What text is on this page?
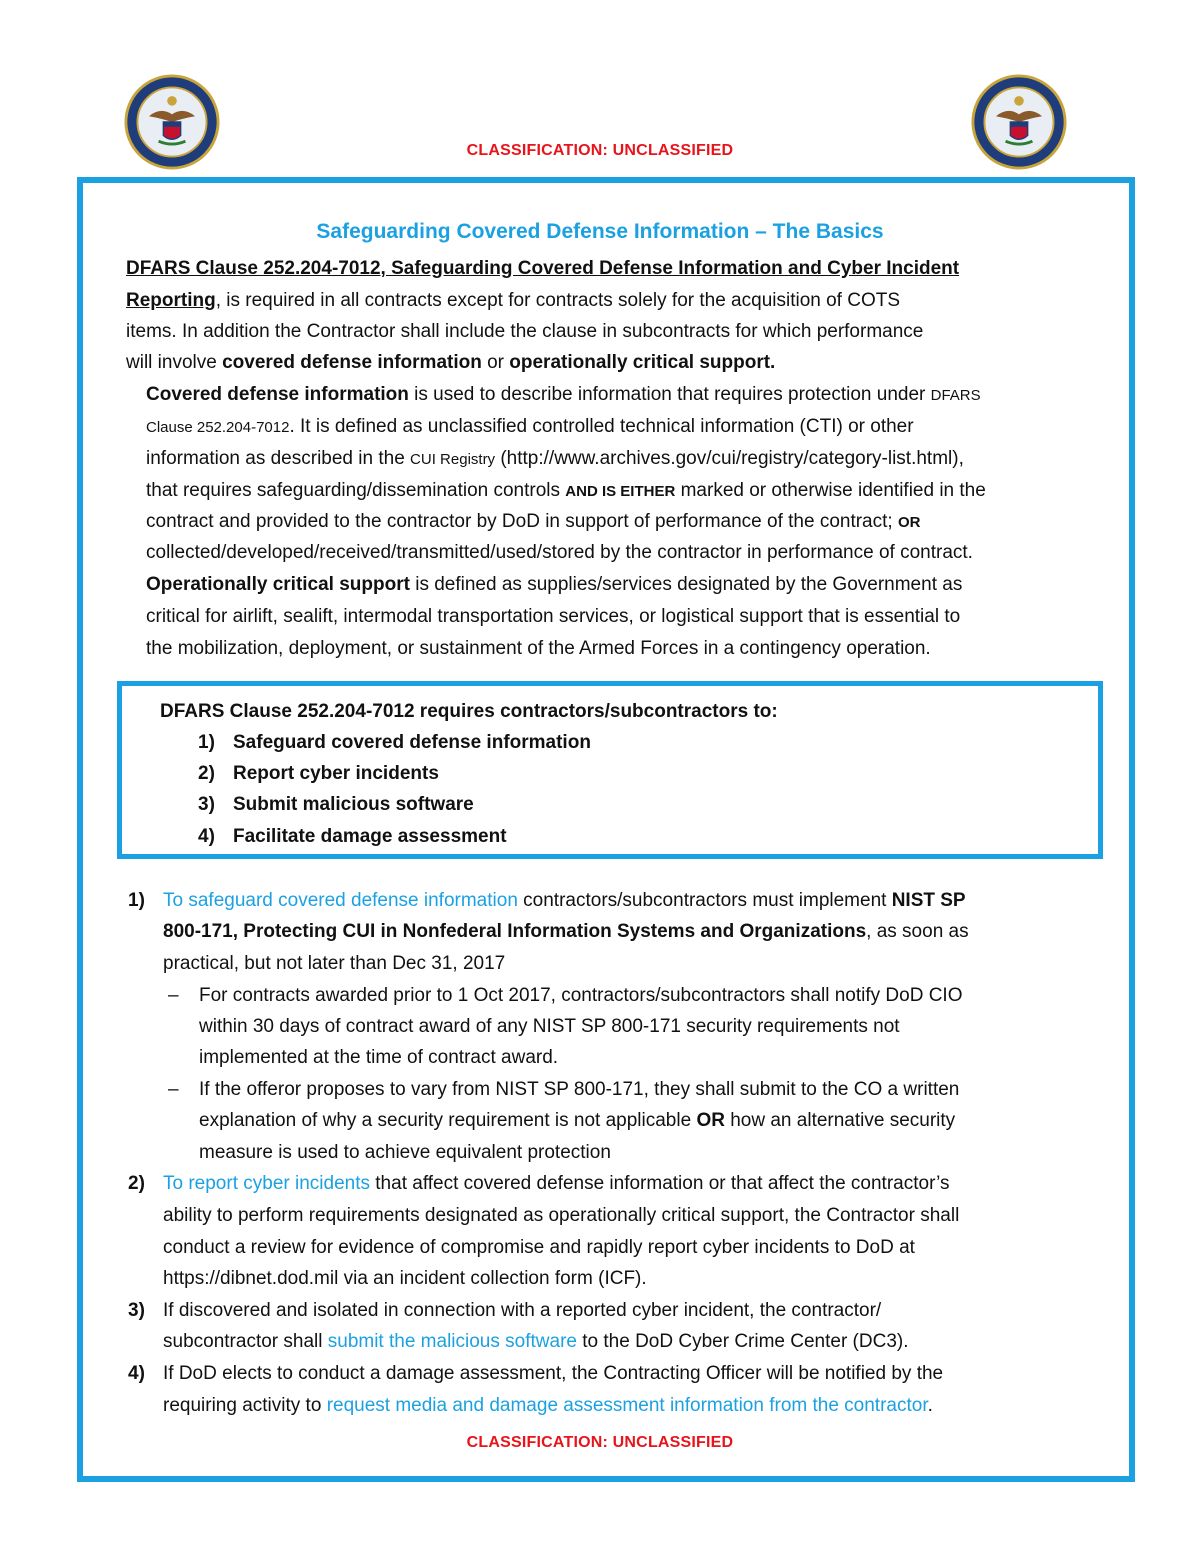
CLASSIFICATION: UNCLASSIFIED
Safeguarding Covered Defense Information – The Basics
DFARS Clause 252.204-7012, Safeguarding Covered Defense Information and Cyber Incident
Reporting, is required in all contracts except for contracts solely for the acquisition of COTS
items. In addition the Contractor shall include the clause in subcontracts for which performance
will involve covered defense information or operationally critical support.
Covered defense information is used to describe information that requires protection under DFARS
Clause 252.204-7012. It is defined as unclassified controlled technical information (CTI) or other
information as described in the CUI Registry (http://www.archives.gov/cui/registry/category-list.html),
that requires safeguarding/dissemination controls AND IS EITHER marked or otherwise identified in the
contract and provided to the contractor by DoD in support of performance of the contract; OR
collected/developed/received/transmitted/used/stored by the contractor in performance of contract.
Operationally critical support is defined as supplies/services designated by the Government as
critical for airlift, sealift, intermodal transportation services, or logistical support that is essential to
the mobilization, deployment, or sustainment of the Armed Forces in a contingency operation.
DFARS Clause 252.204-7012 requires contractors/subcontractors to:
1) Safeguard covered defense information
2) Report cyber incidents
3) Submit malicious software
4) Facilitate damage assessment
1) To safeguard covered defense information contractors/subcontractors must implement NIST SP
800-171, Protecting CUI in Nonfederal Information Systems and Organizations, as soon as
practical, but not later than Dec 31, 2017
– For contracts awarded prior to 1 Oct 2017, contractors/subcontractors shall notify DoD CIO
within 30 days of contract award of any NIST SP 800-171 security requirements not
implemented at the time of contract award.
– If the offeror proposes to vary from NIST SP 800-171, they shall submit to the CO a written
explanation of why a security requirement is not applicable OR how an alternative security
measure is used to achieve equivalent protection
2) To report cyber incidents that affect covered defense information or that affect the contractor’s
ability to perform requirements designated as operationally critical support, the Contractor shall
conduct a review for evidence of compromise and rapidly report cyber incidents to DoD at
https://dibnet.dod.mil via an incident collection form (ICF).
3) If discovered and isolated in connection with a reported cyber incident, the contractor/
subcontractor shall submit the malicious software to the DoD Cyber Crime Center (DC3).
4) If DoD elects to conduct a damage assessment, the Contracting Officer will be notified by the
requiring activity to request media and damage assessment information from the contractor.
CLASSIFICATION: UNCLASSIFIED
